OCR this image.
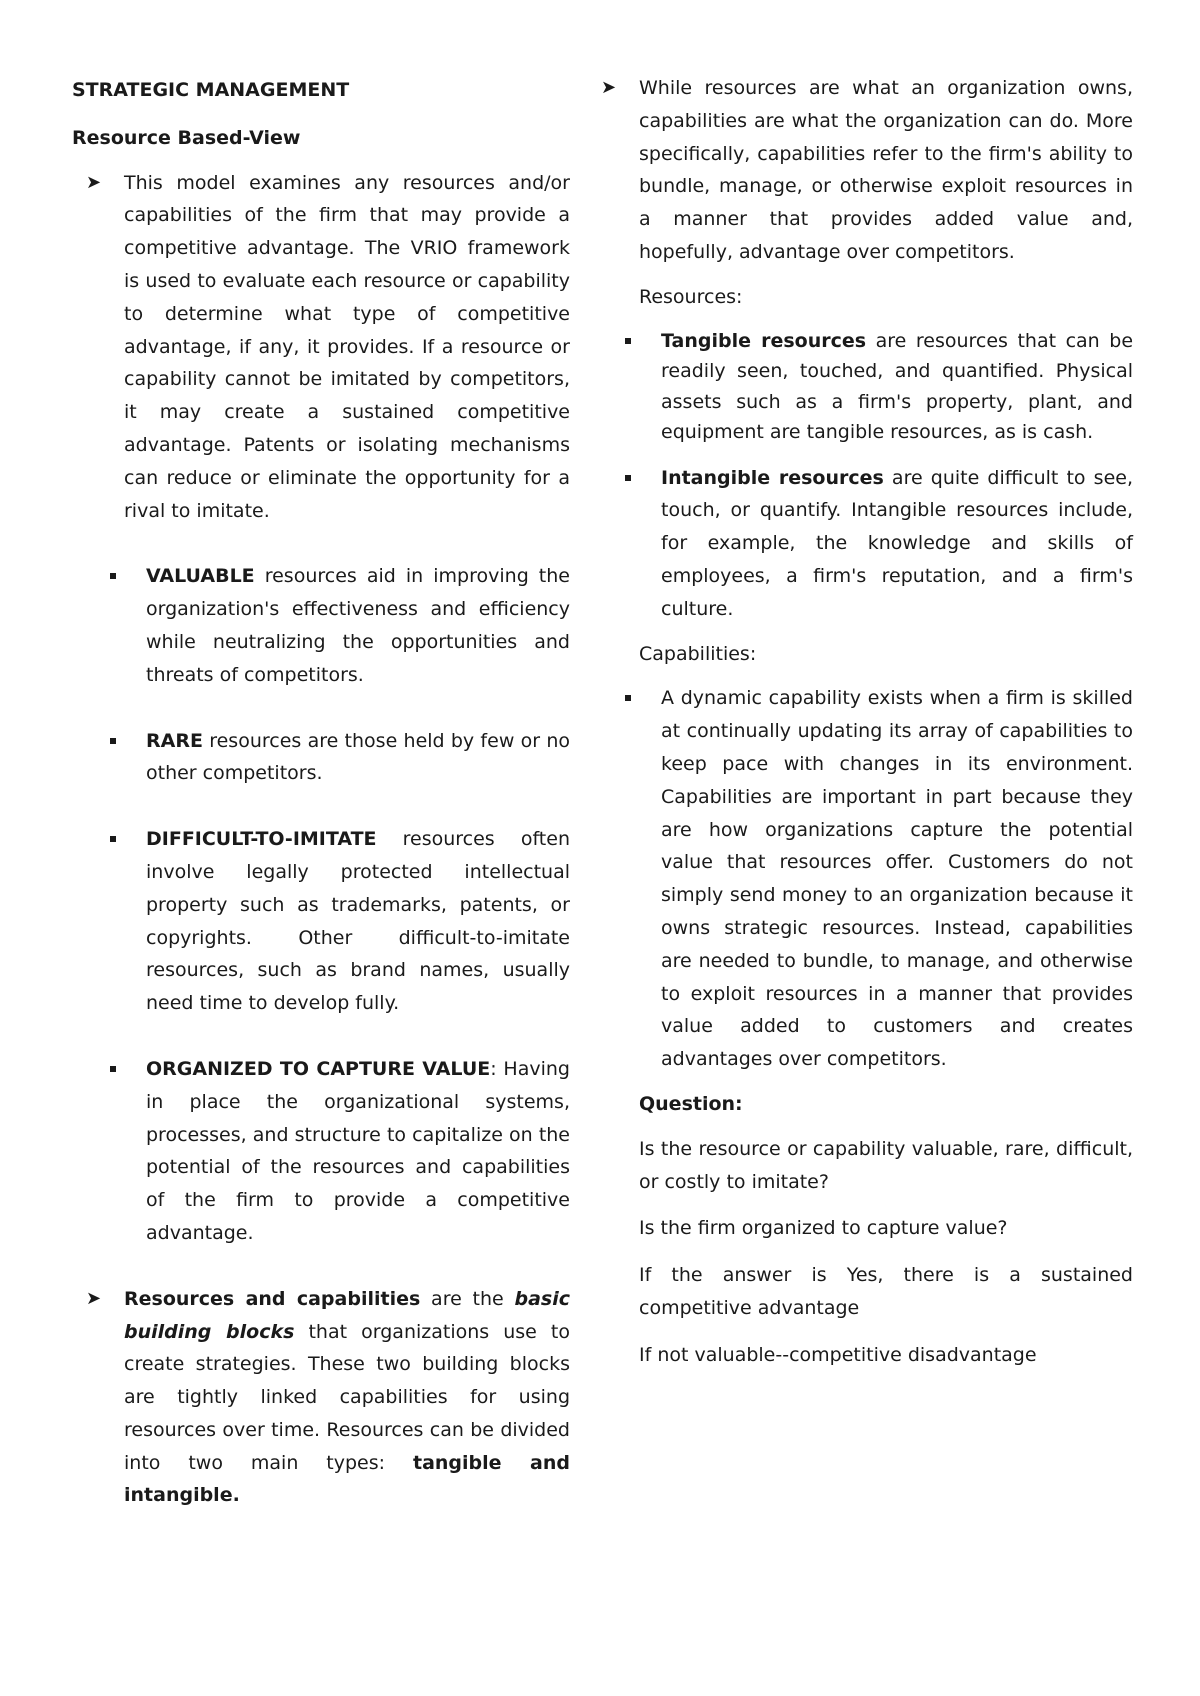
STRATEGIC MANAGEMENT

Resource Based-View

➤ This model examines any resources and/or capabilities of the firm that may provide a competitive advantage. The VRIO framework is used to evaluate each resource or capability to determine what type of competitive advantage, if any, it provides. If a resource or capability cannot be imitated by competitors, it may create a sustained competitive advantage. Patents or isolating mechanisms can reduce or eliminate the opportunity for a rival to imitate.

VALUABLE resources aid in improving the organization's effectiveness and efficiency while neutralizing the opportunities and threats of competitors.

RARE resources are those held by few or no other competitors.

DIFFICULT-TO-IMITATE resources often involve legally protected intellectual property such as trademarks, patents, or copyrights. Other difficult-to-imitate resources, such as brand names, usually need time to develop fully.

ORGANIZED TO CAPTURE VALUE: Having in place the organizational systems, processes, and structure to capitalize on the potential of the resources and capabilities of the firm to provide a competitive advantage.

➤ Resources and capabilities are the basic building blocks that organizations use to create strategies. These two building blocks are tightly linked capabilities for using resources over time. Resources can be divided into two main types: tangible and intangible.

➤ While resources are what an organization owns, capabilities are what the organization can do. More specifically, capabilities refer to the firm's ability to bundle, manage, or otherwise exploit resources in a manner that provides added value and, hopefully, advantage over competitors.

Resources:

Tangible resources are resources that can be readily seen, touched, and quantified. Physical assets such as a firm's property, plant, and equipment are tangible resources, as is cash.

Intangible resources are quite difficult to see, touch, or quantify. Intangible resources include, for example, the knowledge and skills of employees, a firm's reputation, and a firm's culture.

Capabilities:

A dynamic capability exists when a firm is skilled at continually updating its array of capabilities to keep pace with changes in its environment. Capabilities are important in part because they are how organizations capture the potential value that resources offer. Customers do not simply send money to an organization because it owns strategic resources. Instead, capabilities are needed to bundle, to manage, and otherwise to exploit resources in a manner that provides value added to customers and creates advantages over competitors.

Question:

Is the resource or capability valuable, rare, difficult, or costly to imitate?

Is the firm organized to capture value?

If the answer is Yes, there is a sustained competitive advantage

If not valuable--competitive disadvantage
